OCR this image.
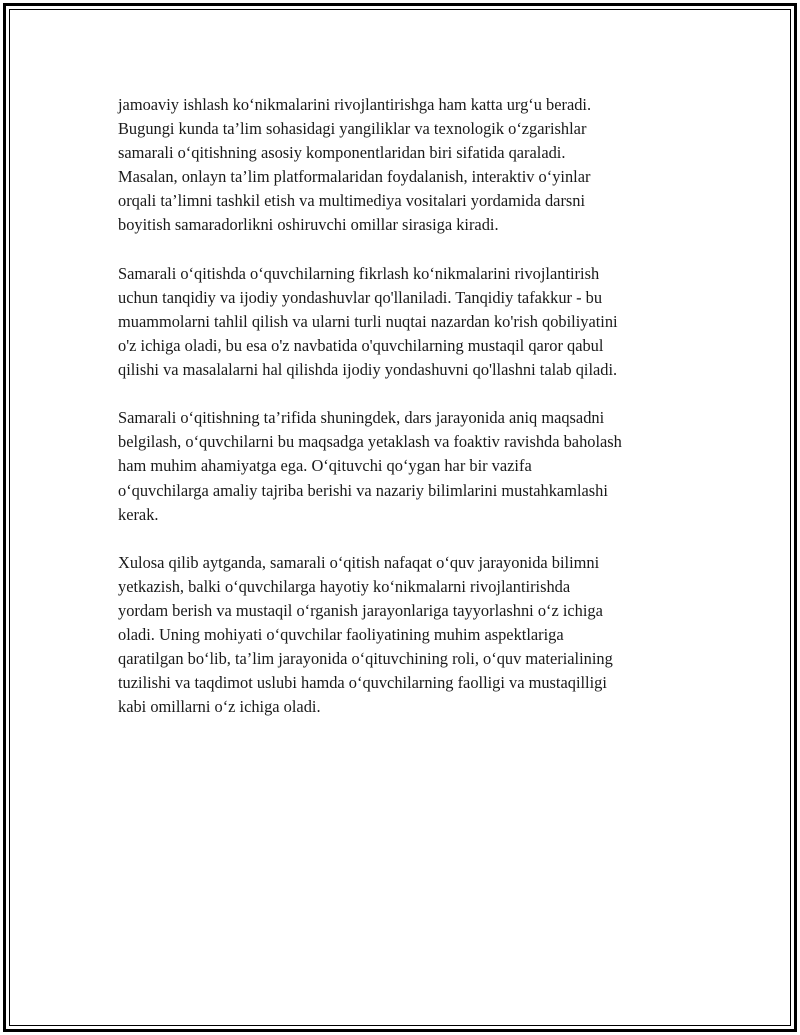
jamoaviy ishlash ko‘nikmalarini rivojlantirishga ham katta urg‘u beradi.
Bugungi kunda ta’lim sohasidagi yangiliklar va texnologik o‘zgarishlar
samarali o‘qitishning asosiy komponentlaridan biri sifatida qaraladi.
Masalan, onlayn ta’lim platformalaridan foydalanish, interaktiv o‘yinlar
orqali ta’limni tashkil etish va multimediya vositalari yordamida darsni
boyitish samaradorlikni oshiruvchi omillar sirasiga kiradi.

Samarali o‘qitishda o‘quvchilarning fikrlash ko‘nikmalarini rivojlantirish
uchun tanqidiy va ijodiy yondashuvlar qo'llaniladi. Tanqidiy tafakkur - bu
muammolarni tahlil qilish va ularni turli nuqtai nazardan ko'rish qobiliyatini
o'z ichiga oladi, bu esa o'z navbatida o'quvchilarning mustaqil qaror qabul
qilishi va masalalarni hal qilishda ijodiy yondashuvni qo'llashni talab qiladi.

Samarali o‘qitishning ta’rifida shuningdek, dars jarayonida aniq maqsadni
belgilash, o‘quvchilarni bu maqsadga yetaklash va foaktiv ravishda baholash
ham muhim ahamiyatga ega. O‘qituvchi qo‘ygan har bir vazifa
o‘quvchilarga amaliy tajriba berishi va nazariy bilimlarini mustahkamlashi
kerak.

Xulosa qilib aytganda, samarali o‘qitish nafaqat o‘quv jarayonida bilimni
yetkazish, balki o‘quvchilarga hayotiy ko‘nikmalarni rivojlantirishda
yordam berish va mustaqil o‘rganish jarayonlariga tayyorlashni o‘z ichiga
oladi. Uning mohiyati o‘quvchilar faoliyatining muhim aspektlariga
qaratilgan bo‘lib, ta’lim jarayonida o‘qituvchining roli, o‘quv materialining
tuzilishi va taqdimot uslubi hamda o‘quvchilarning faolligi va mustaqilligi
kabi omillarni o‘z ichiga oladi.
